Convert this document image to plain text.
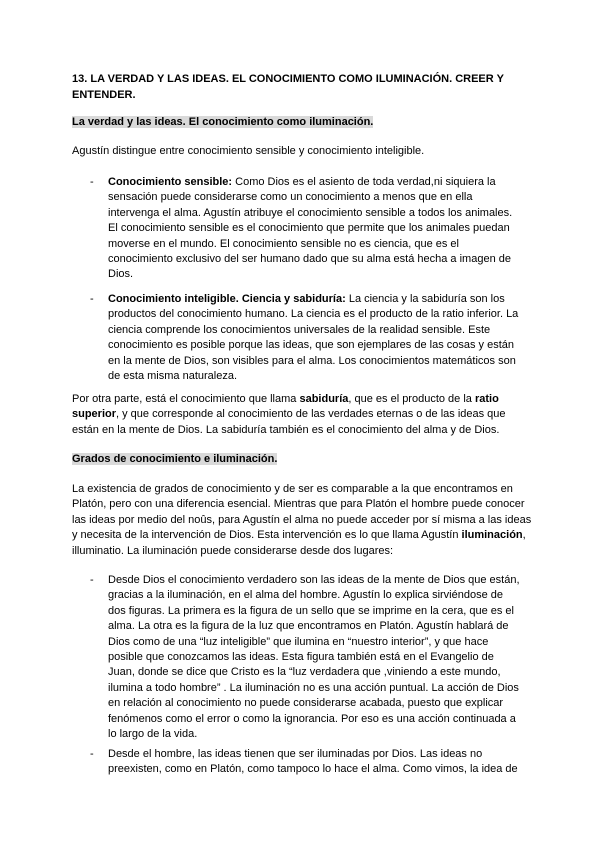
13. LA VERDAD Y LAS IDEAS. EL CONOCIMIENTO COMO ILUMINACIÓN. CREER Y ENTENDER.
La verdad y las ideas. El conocimiento como iluminación.
Agustín distingue entre conocimiento sensible y conocimiento inteligible.
- Conocimiento sensible: Como Dios es el asiento de toda verdad,ni siquiera la sensación puede considerarse como un conocimiento a menos que en ella intervenga el alma. Agustín atribuye el conocimiento sensible a todos los animales. El conocimiento sensible es el conocimiento que permite que los animales puedan moverse en el mundo. El conocimiento sensible no es ciencia, que es el conocimiento exclusivo del ser humano dado que su alma está hecha a imagen de Dios.
- Conocimiento inteligible. Ciencia y sabiduría: La ciencia y la sabiduría son los productos del conocimiento humano. La ciencia es el producto de la ratio inferior. La ciencia comprende los conocimientos universales de la realidad sensible. Este conocimiento es posible porque las ideas, que son ejemplares de las cosas y están en la mente de Dios, son visibles para el alma. Los conocimientos matemáticos son de esta misma naturaleza.
Por otra parte, está el conocimiento que llama sabiduría, que es el producto de la ratio superior, y que corresponde al conocimiento de las verdades eternas o de las ideas que están en la mente de Dios. La sabiduría también es el conocimiento del alma y de Dios.
Grados de conocimiento e iluminación.
La existencia de grados de conocimiento y de ser es comparable a la que encontramos en Platón, pero con una diferencia esencial. Mientras que para Platón el hombre puede conocer las ideas por medio del noûs, para Agustín el alma no puede acceder por sí misma a las ideas y necesita de la intervención de Dios. Esta intervención es lo que llama Agustín iluminación, illuminatio. La iluminación puede considerarse desde dos lugares:
- Desde Dios el conocimiento verdadero son las ideas de la mente de Dios que están, gracias a la iluminación, en el alma del hombre. Agustín lo explica sirviéndose de dos figuras. La primera es la figura de un sello que se imprime en la cera, que es el alma. La otra es la figura de la luz que encontramos en Platón. Agustín hablará de Dios como de una “luz inteligible” que ilumina en “nuestro interior”, y que hace posible que conozcamos las ideas. Esta figura también está en el Evangelio de Juan, donde se dice que Cristo es la “luz verdadera que ,viniendo a este mundo, ilumina a todo hombre” . La iluminación no es una acción puntual. La acción de Dios en relación al conocimiento no puede considerarse acabada, puesto que explicar fenómenos como el error o como la ignorancia. Por eso es una acción continuada a lo largo de la vida.
- Desde el hombre, las ideas tienen que ser iluminadas por Dios. Las ideas no preexisten, como en Platón, como tampoco lo hace el alma. Como vimos, la idea de
